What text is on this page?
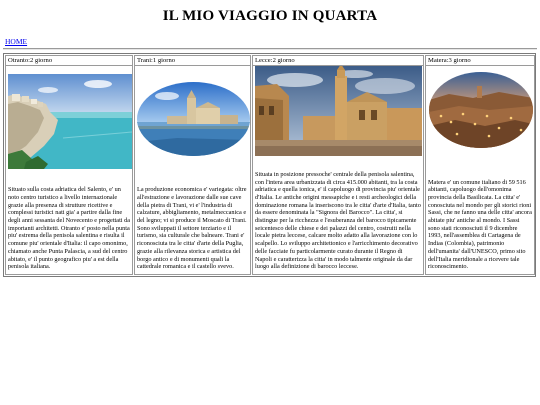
IL MIO VIAGGIO IN QUARTA
HOME
Otranto:2 giorno
Situato sulla costa adriatica del Salento, e' un noto centro turistico a livello internazionale grazie alla presenza di strutture ricettive e complessi turistici nati gia' a partire dalla fine degli anni sessanta del Novecento e progettati da importanti architetti. Otranto e' posto nella punta piu' estrema della penisola salentina e risulta il comune piu' orientale d'Italia: il capo omonimo, chiamato anche Punta Palascia, a sud del centro abitato, e' il punto geografico piu' a est della penisola italiana.
Trani:1 giorno
La produzione economica e' variegata: oltre all'estrazione e lavorazione dalle sue cave della pietra di Trani, vi e' l'industria di calzature, abbigliamento, metalmeccanica e del legno; vi si produce il Moscato di Trani. Sono sviluppati il settore terziario e il turismo, sia culturale che balneare. Trani e' riconosciuta tra le citta' d'arte della Puglia, grazie alla rilevanza storica e artistica del borgo antico e di monumenti quali la cattedrale romanica e il castello svevo.
Lecce:2 giorno
Situata in posizione pressoche' centrale della penisola salentina, con l'intera area urbanizzata di circa 415.000 abitanti, tra la costa adriatica e quella ionica, e' il capoluogo di provincia piu' orientale d'Italia. Le antiche origini messapiche e i resti archeologici della dominazione romana la inseriscono tra le citta' d'arte d'Italia, tanto da essere denominata la "Signora del Barocco". La citta', si distingue per la ricchezza e l'esuberanza del barocco tipicamente seicentesco delle chiese e dei palazzi del centro, costruiti nella locale pietra leccese, calcare molto adatto alla lavorazione con lo scalpello. Lo sviluppo architettonico e l'arricchimento decorativo delle facciate fu particolarmente curato durante il Regno di Napoli e caratterizza la citta' in modo talmente originale da dar luogo alla definizione di barocco leccese.
Matera:3 giorno
Matera e' un comune italiano di 59 516 abitanti, capoluogo dell'omonima provincia della Basilicata. La citta' e' conosciuta nel mondo per gli storici rioni Sassi, che ne fanno una delle citta' ancora abitate piu' antiche al mondo. I Sassi sono stati riconosciuti il 9 dicembre 1993, nell'assemblea di Cartagena de Indias (Colombia), patrimonio dell'umanita' dall'UNESCO, primo sito dell'Italia meridionale a ricevere tale riconoscimento.
